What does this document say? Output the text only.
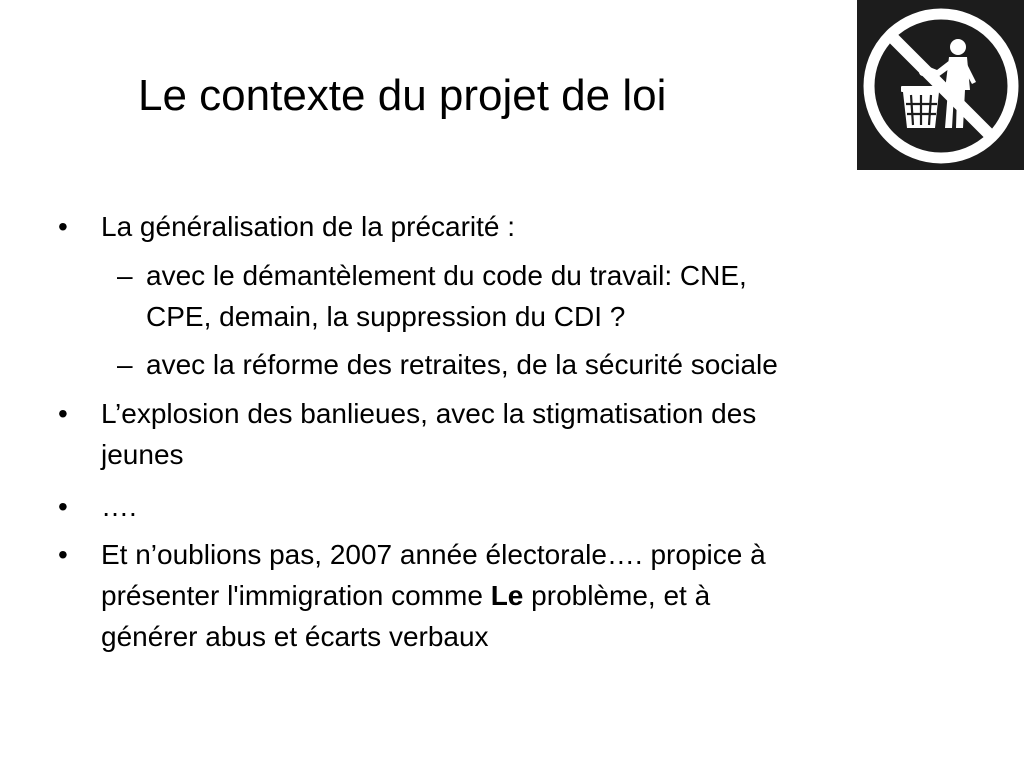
Le contexte du projet de loi
•	La généralisation de la précarité :
– avec le démantèlement du code du travail: CNE,
CPE, demain, la suppression du CDI ?
– avec la réforme des retraites, de la sécurité sociale
•	L’explosion des banlieues, avec la stigmatisation des
jeunes
•	….
•	Et n’oublions pas, 2007 année électorale…. propice à
présenter l'immigration comme Le problème, et à
générer abus et écarts verbaux
